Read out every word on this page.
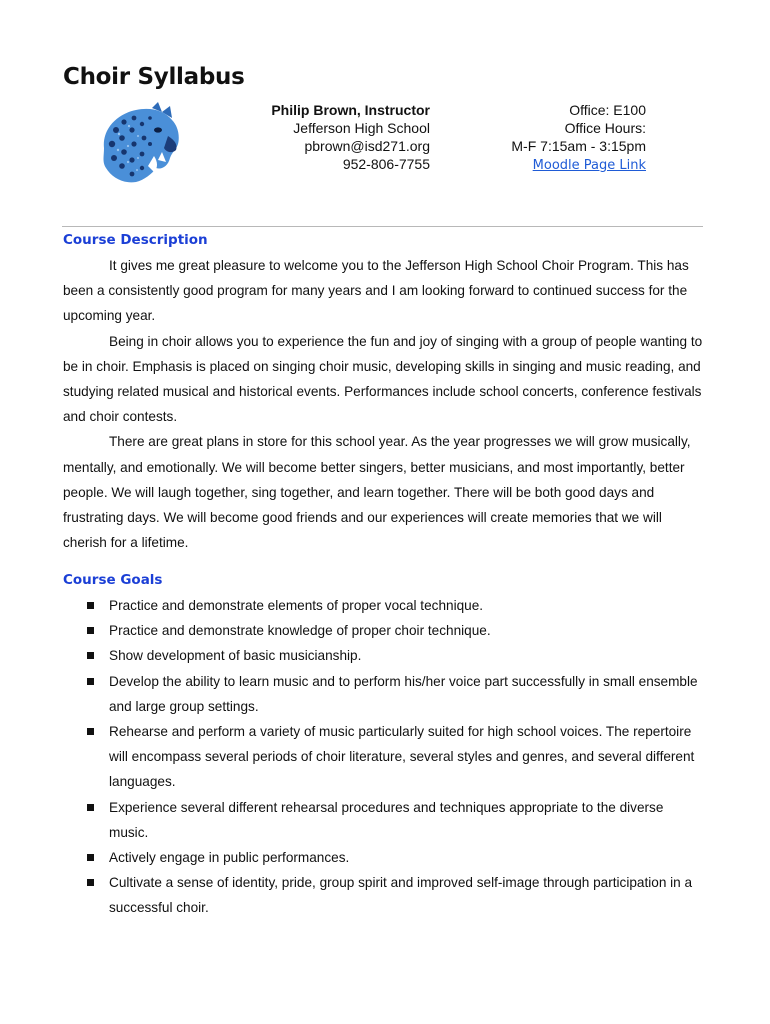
Choir Syllabus
Philip Brown, Instructor
Jefferson High School
pbrown@isd271.org
952-806-7755
Office: E100
Office Hours:
M-F 7:15am - 3:15pm
Moodle Page Link
Course Description

It gives me great pleasure to welcome you to the Jefferson High School Choir Program. This has been a consistently good program for many years and I am looking forward to continued success for the upcoming year.

Being in choir allows you to experience the fun and joy of singing with a group of people wanting to be in choir. Emphasis is placed on singing choir music, developing skills in singing and music reading, and studying related musical and historical events. Performances include school concerts, conference festivals and choir contests.

There are great plans in store for this school year. As the year progresses we will grow musically, mentally, and emotionally. We will become better singers, better musicians, and most importantly, better people. We will laugh together, sing together, and learn together. There will be both good days and frustrating days. We will become good friends and our experiences will create memories that we will cherish for a lifetime.

Course Goals
Practice and demonstrate elements of proper vocal technique.
Practice and demonstrate knowledge of proper choir technique.
Show development of basic musicianship.
Develop the ability to learn music and to perform his/her voice part successfully in small ensemble and large group settings.
Rehearse and perform a variety of music particularly suited for high school voices. The repertoire will encompass several periods of choir literature, several styles and genres, and several different languages.
Experience several different rehearsal procedures and techniques appropriate to the diverse music.
Actively engage in public performances.
Cultivate a sense of identity, pride, group spirit and improved self-image through participation in a successful choir.
